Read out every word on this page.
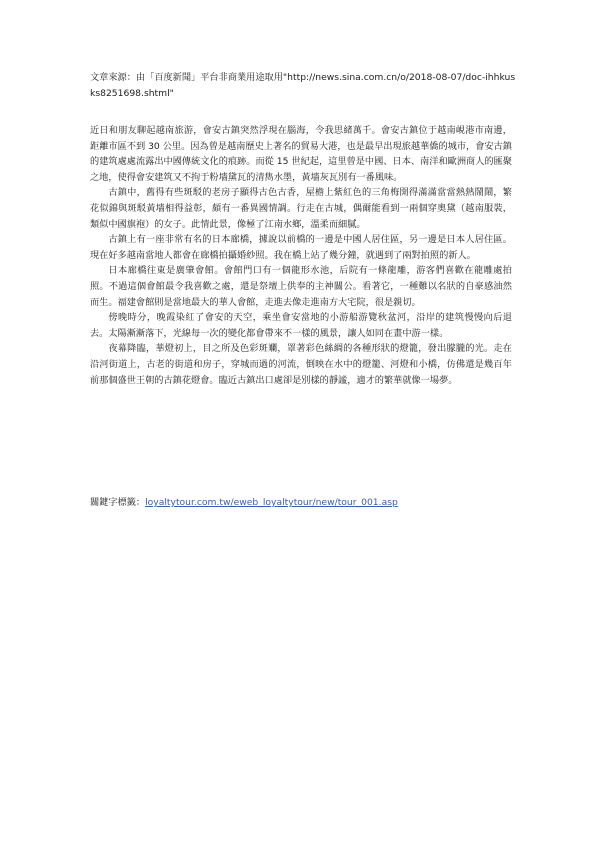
文章來源：由「百度新聞」平台非商業用途取用"http://news.sina.com.cn/o/2018-08-07/doc-ihhkusks8251698.shtml"

近日和朋友聊起越南旅游，會安古鎮突然浮現在腦海，令我思緒萬千。會安古鎮位于越南峴港市南邊，距離市區不到 30 公里。因為曾是越南歷史上著名的貿易大港，也是最早出現旅越華僑的城市，會安古鎮的建筑處處流露出中國傳統文化的痕跡。而從 15 世紀起，這里曾是中國、日本、南洋和歐洲商人的匯聚之地，使得會安建筑又不拘于粉墻黛瓦的清雋水墨，黃墻灰瓦別有一番風味。

古鎮中，舊得有些斑駁的老房子顯得古色古香，屋檐上紫紅色的三角梅開得滿滿當當熱熱鬧鬧，繁花似錦與斑駁黃墻相得益彰，頗有一番異國情調。行走在古城，偶爾能看到一兩個穿奧黛（越南服裝，類似中國旗袍）的女子。此情此景，像極了江南水鄉，溫柔而細膩。

古鎮上有一座非常有名的日本廊橋，據說以前橋的一邊是中國人居住區，另一邊是日本人居住區。現在好多越南當地人都會在廊橋拍攝婚紗照。我在橋上站了幾分鐘，就遇到了兩對拍照的新人。

日本廊橋往東是廣肇會館。會館門口有一個龍形水池，后院有一條龍雕，游客們喜歡在龍雕處拍照。不過這個會館最令我喜歡之處，還是祭壇上供奉的主神關公。看著它，一種難以名狀的自豪感油然而生。福建會館則是當地最大的華人會館，走進去像走進南方大宅院，很是親切。

傍晚時分，晚霞染紅了會安的天空，乘坐會安當地的小游船游覽秋盆河，沿岸的建筑慢慢向后退去。太陽漸漸落下，光線每一次的變化都會帶來不一樣的風景，讓人如同在畫中游一樣。

夜幕降臨，華燈初上，目之所及色彩斑斕，罩著彩色絲綢的各種形狀的燈籠，發出朦朧的光。走在沿河街道上，古老的街道和房子，穿城而過的河流，倒映在水中的燈籠、河燈和小橋，仿佛還是幾百年前那個盛世王朝的古鎮花燈會。臨近古鎮出口處卻是別樣的靜謐，適才的繁華就像一場夢。

關鍵字標籤：loyaltytour.com.tw/eweb_loyaltytour/new/tour_001.asp
